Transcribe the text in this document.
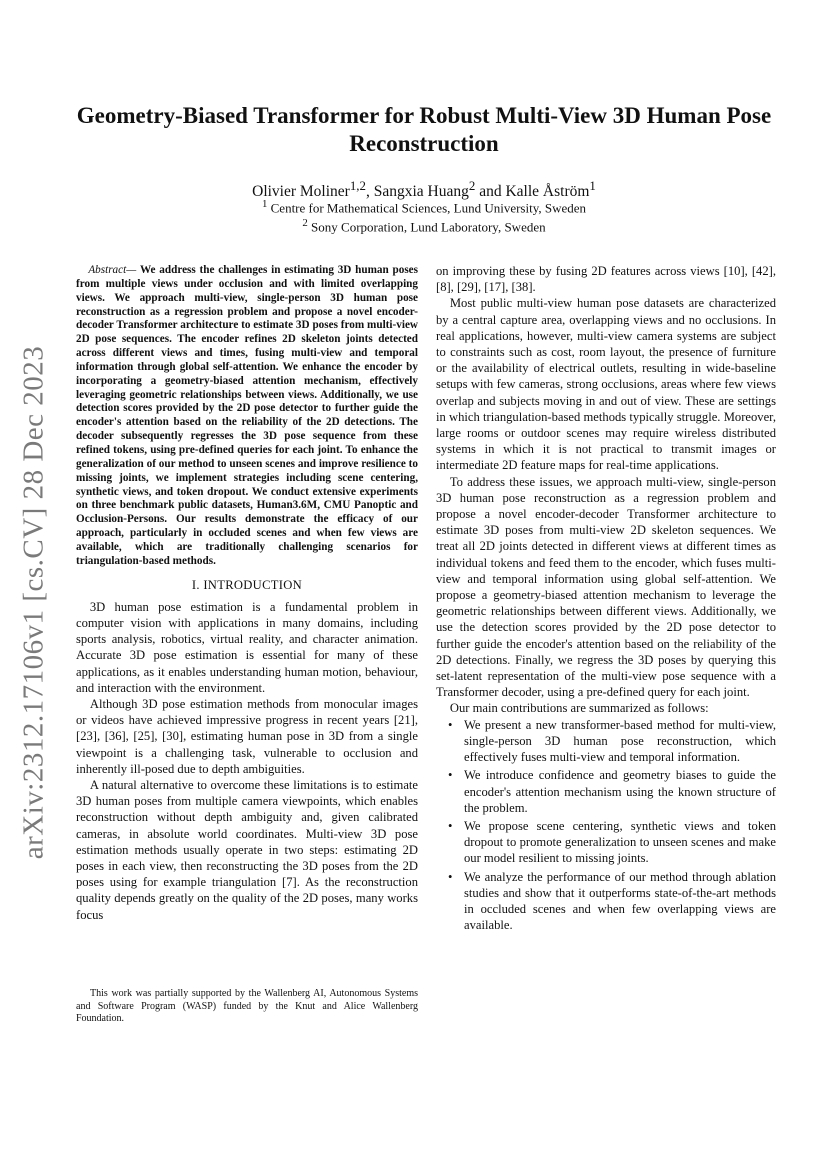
arXiv:2312.17106v1 [cs.CV] 28 Dec 2023
Geometry-Biased Transformer for Robust Multi-View 3D Human Pose Reconstruction
Olivier Moliner$^{1,2}$, Sangxia Huang$^2$ and Kalle Åström$^1$
$^1$ Centre for Mathematical Sciences, Lund University, Sweden
$^2$ Sony Corporation, Lund Laboratory, Sweden

Abstract— We address the challenges in estimating 3D human poses from multiple views under occlusion and with limited overlapping views. We approach multi-view, single-person 3D human pose reconstruction as a regression problem and propose a novel encoder-decoder Transformer architecture to estimate 3D poses from multi-view 2D pose sequences. The encoder refines 2D skeleton joints detected across different views and times, fusing multi-view and temporal information through global self-attention. We enhance the encoder by incorporating a geometry-biased attention mechanism, effectively leveraging geometric relationships between views. Additionally, we use detection scores provided by the 2D pose detector to further guide the encoder's attention based on the reliability of the 2D detections. The decoder subsequently regresses the 3D pose sequence from these refined tokens, using pre-defined queries for each joint. To enhance the generalization of our method to unseen scenes and improve resilience to missing joints, we implement strategies including scene centering, synthetic views, and token dropout. We conduct extensive experiments on three benchmark public datasets, Human3.6M, CMU Panoptic and Occlusion-Persons. Our results demonstrate the efficacy of our approach, particularly in occluded scenes and when few views are available, which are traditionally challenging scenarios for triangulation-based methods.

I. INTRODUCTION

3D human pose estimation is a fundamental problem in computer vision with applications in many domains, including sports analysis, robotics, virtual reality, and character animation. Accurate 3D pose estimation is essential for many of these applications, as it enables understanding human motion, behaviour, and interaction with the environment.

Although 3D pose estimation methods from monocular images or videos have achieved impressive progress in recent years [21], [23], [36], [25], [30], estimating human pose in 3D from a single viewpoint is a challenging task, vulnerable to occlusion and inherently ill-posed due to depth ambiguities.

A natural alternative to overcome these limitations is to estimate 3D human poses from multiple camera viewpoints, which enables reconstruction without depth ambiguity and, given calibrated cameras, in absolute world coordinates. Multi-view 3D pose estimation methods usually operate in two steps: estimating 2D poses in each view, then reconstructing the 3D poses from the 2D poses using for example triangulation [7]. As the reconstruction quality depends greatly on the quality of the 2D poses, many works focus

This work was partially supported by the Wallenberg AI, Autonomous Systems and Software Program (WASP) funded by the Knut and Alice Wallenberg Foundation.

on improving these by fusing 2D features across views [10], [42], [8], [29], [17], [38].

Most public multi-view human pose datasets are characterized by a central capture area, overlapping views and no occlusions. In real applications, however, multi-view camera systems are subject to constraints such as cost, room layout, the presence of furniture or the availability of electrical outlets, resulting in wide-baseline setups with few cameras, strong occlusions, areas where few views overlap and subjects moving in and out of view. These are settings in which triangulation-based methods typically struggle. Moreover, large rooms or outdoor scenes may require wireless distributed systems in which it is not practical to transmit images or intermediate 2D feature maps for real-time applications.

To address these issues, we approach multi-view, single-person 3D human pose reconstruction as a regression problem and propose a novel encoder-decoder Transformer architecture to estimate 3D poses from multi-view 2D skeleton sequences. We treat all 2D joints detected in different views at different times as individual tokens and feed them to the encoder, which fuses multi-view and temporal information using global self-attention. We propose a geometry-biased attention mechanism to leverage the geometric relationships between different views. Additionally, we use the detection scores provided by the 2D pose detector to further guide the encoder's attention based on the reliability of the 2D detections. Finally, we regress the 3D poses by querying this set-latent representation of the multi-view pose sequence with a Transformer decoder, using a pre-defined query for each joint.

Our main contributions are summarized as follows:

• We present a new transformer-based method for multi-view, single-person 3D human pose reconstruction, which effectively fuses multi-view and temporal information.
• We introduce confidence and geometry biases to guide the encoder's attention mechanism using the known structure of the problem.
• We propose scene centering, synthetic views and token dropout to promote generalization to unseen scenes and make our model resilient to missing joints.
• We analyze the performance of our method through ablation studies and show that it outperforms state-of-the-art methods in occluded scenes and when few overlapping views are available.
